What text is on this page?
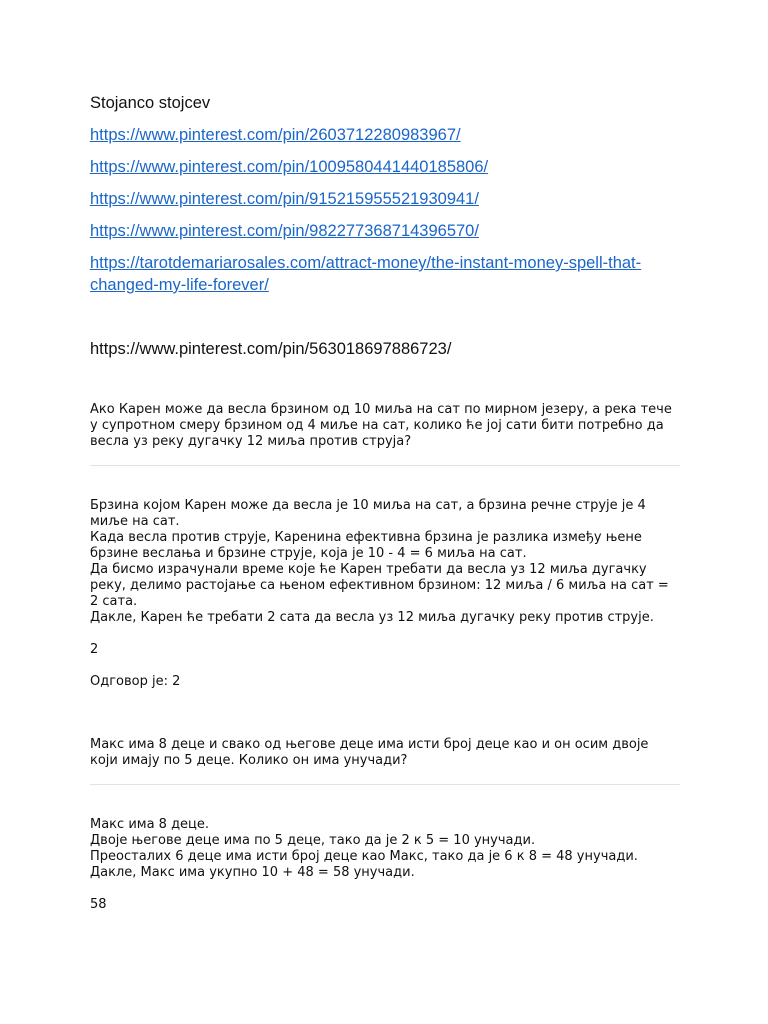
Stojanco stojcev
https://www.pinterest.com/pin/260371228098396​7/
https://www.pinterest.com/pin/1009580441440185806/
https://www.pinterest.com/pin/915215955521930941/
https://www.pinterest.com/pin/982277368714396570/
https://tarotdemariarosales.com/attract-money/the-instant-money-spell-that-changed-my-life-forever/
https://www.pinterest.com/pin/563018697886723/
Ако Карен може да весла брзином од 10 миља на сат по мирном језеру, а река тече у супротном смеру брзином од 4 миље на сат, колико ће јој сати бити потребно да весла уз реку дугачку 12 миља против струја?
Брзина којом Карен може да весла је 10 миља на сат, а брзина речне струје је 4 миље на сат.
Када весла против струје, Каренина ефективна брзина је разлика између њене брзине веслања и брзине струје, која је 10 - 4 = 6 миља на сат.
Да бисмо израчунали време које ће Карен требати да весла уз 12 миља дугачку реку, делимо растојање са њеном ефективном брзином: 12 миља / 6 миља на сат = 2 сата.
Дакле, Карен ће требати 2 сата да весла уз 12 миља дугачку реку против струје.
2
Одговор је: 2
Макс има 8 деце и свако од његове деце има исти број деце као и он осим двоје који имају по 5 деце. Колико он има унучади?
Макс има 8 деце.
Двоје његове деце има по 5 деце, тако да је 2 к 5 = 10 унучади.
Преосталих 6 деце има исти број деце као Макс, тако да је 6 к 8 = 48 унучади.
Дакле, Макс има укупно 10 + 48 = 58 унучади.
58
